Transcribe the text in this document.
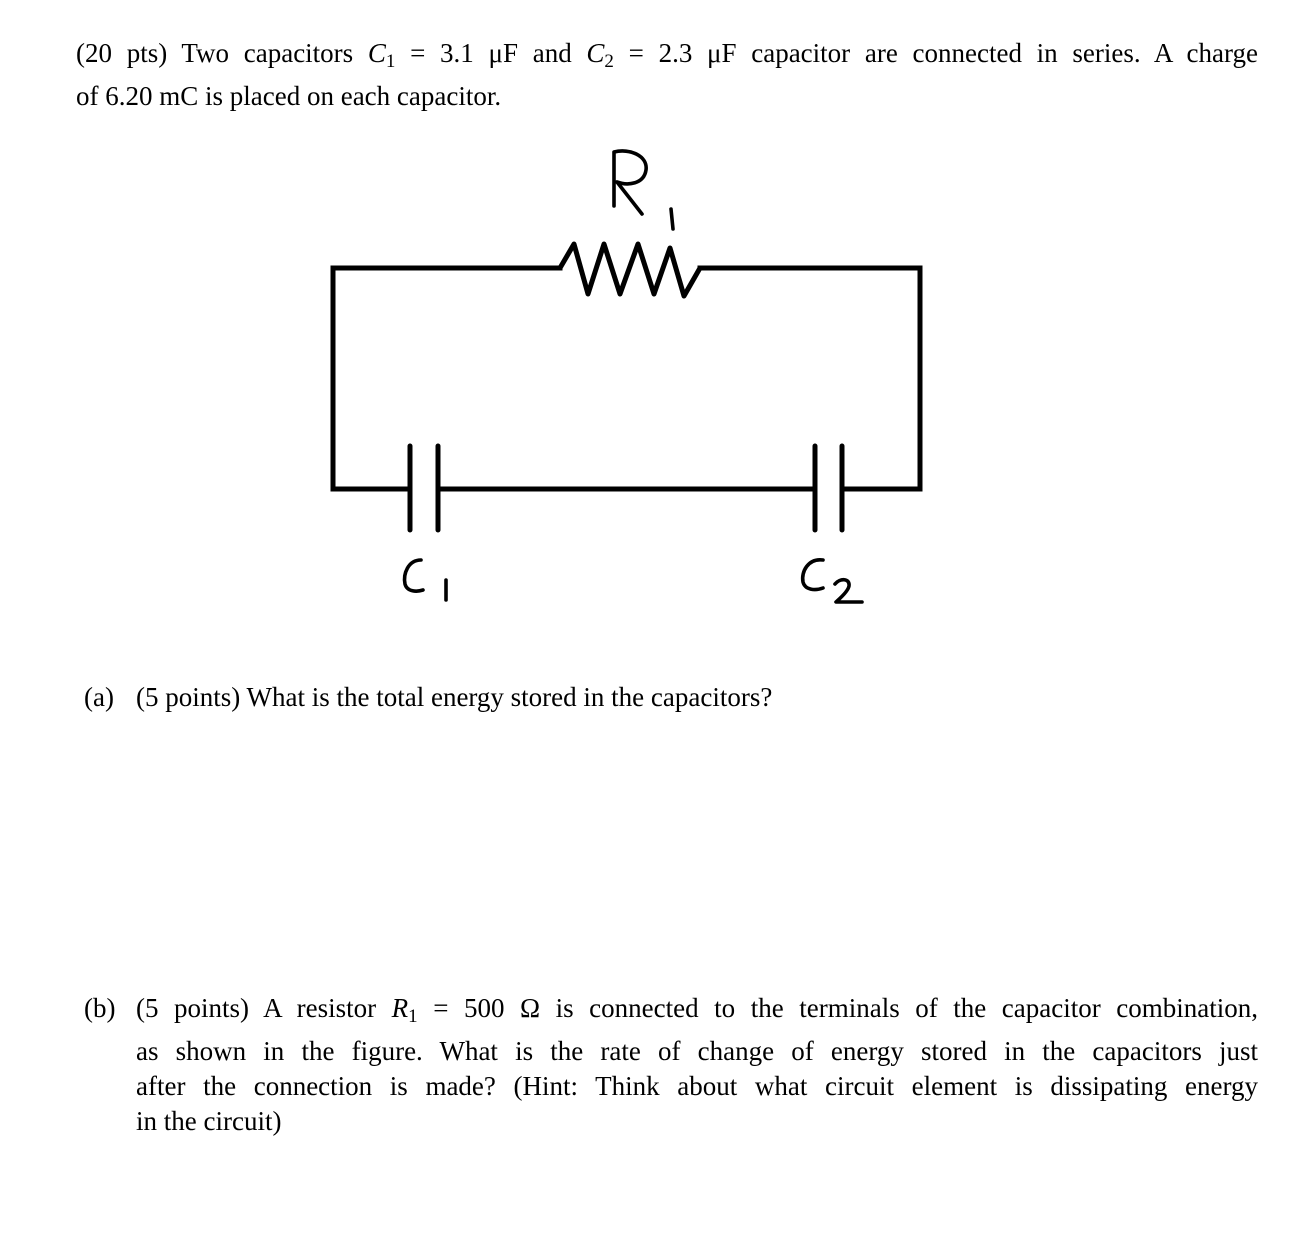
(20 pts) Two capacitors $C_1 = 3.1$ μF and $C_2 = 2.3$ μF capacitor are connected in series. A charge
of 6.20 mC is placed on each capacitor.
(a) (5 points) What is the total energy stored in the capacitors?
(b) (5 points) A resistor $R_1 = 500$ Ω is connected to the terminals of the capacitor combination,
as shown in the figure. What is the rate of change of energy stored in the capacitors just
after the connection is made? (Hint: Think about what circuit element is dissipating energy
in the circuit)
